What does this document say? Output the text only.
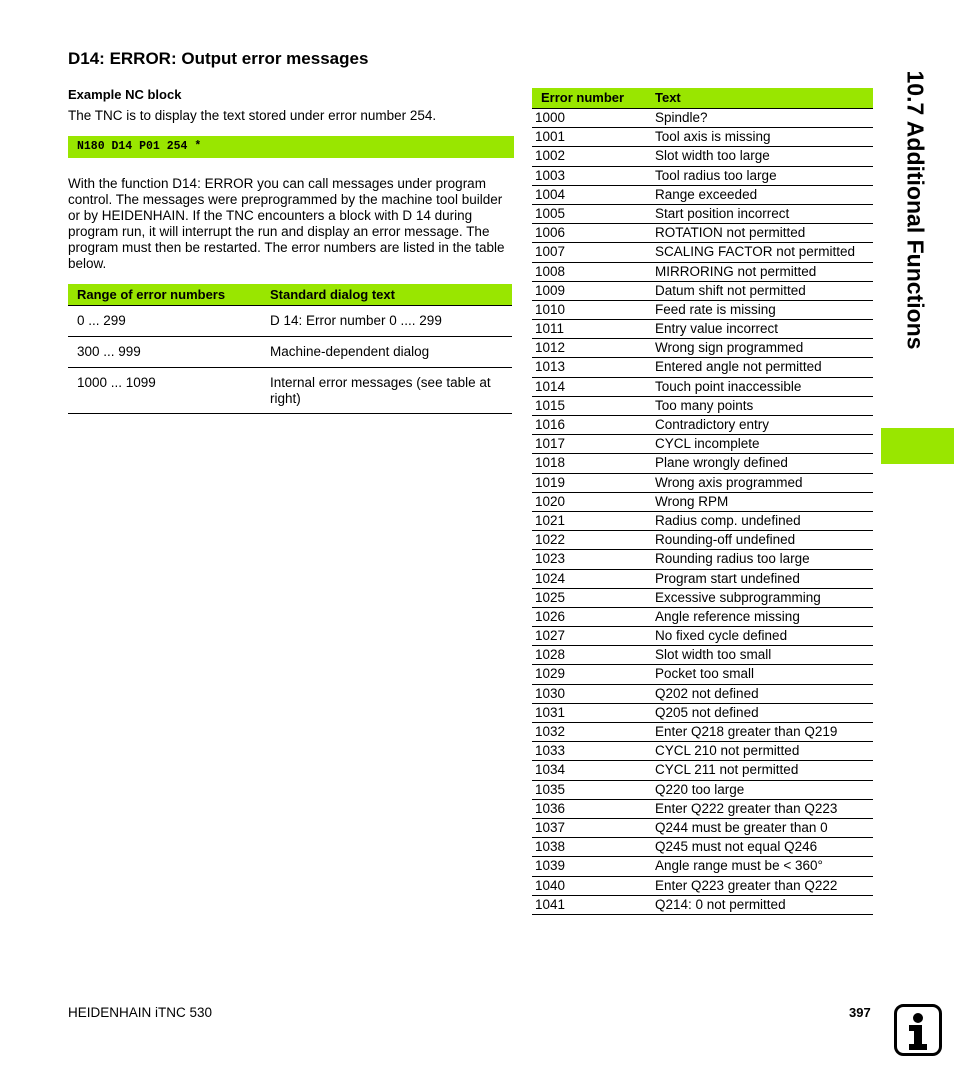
D14: ERROR: Output error messages
Example NC block
The TNC is to display the text stored under error number 254.
N180 D14 P01 254 *
With the function D14: ERROR you can call messages under program control. The messages were preprogrammed by the machine tool builder or by HEIDENHAIN. If the TNC encounters a block with D 14 during program run, it will interrupt the run and display an error message. The program must then be restarted. The error numbers are listed in the table below.
Range of error numbers	Standard dialog text
0 ... 299	D 14: Error number 0 .... 299
300 ... 999	Machine-dependent dialog
1000 ... 1099	Internal error messages (see table at right)
Error number	Text
1000	Spindle?
1001	Tool axis is missing
1002	Slot width too large
1003	Tool radius too large
1004	Range exceeded
1005	Start position incorrect
1006	ROTATION not permitted
1007	SCALING FACTOR not permitted
1008	MIRRORING not permitted
1009	Datum shift not permitted
1010	Feed rate is missing
1011	Entry value incorrect
1012	Wrong sign programmed
1013	Entered angle not permitted
1014	Touch point inaccessible
1015	Too many points
1016	Contradictory entry
1017	CYCL incomplete
1018	Plane wrongly defined
1019	Wrong axis programmed
1020	Wrong RPM
1021	Radius comp. undefined
1022	Rounding-off undefined
1023	Rounding radius too large
1024	Program start undefined
1025	Excessive subprogramming
1026	Angle reference missing
1027	No fixed cycle defined
1028	Slot width too small
1029	Pocket too small
1030	Q202 not defined
1031	Q205 not defined
1032	Enter Q218 greater than Q219
1033	CYCL 210 not permitted
1034	CYCL 211 not permitted
1035	Q220 too large
1036	Enter Q222 greater than Q223
1037	Q244 must be greater than 0
1038	Q245 must not equal Q246
1039	Angle range must be < 360°
1040	Enter Q223 greater than Q222
1041	Q214: 0 not permitted
10.7 Additional Functions
HEIDENHAIN iTNC 530	397
